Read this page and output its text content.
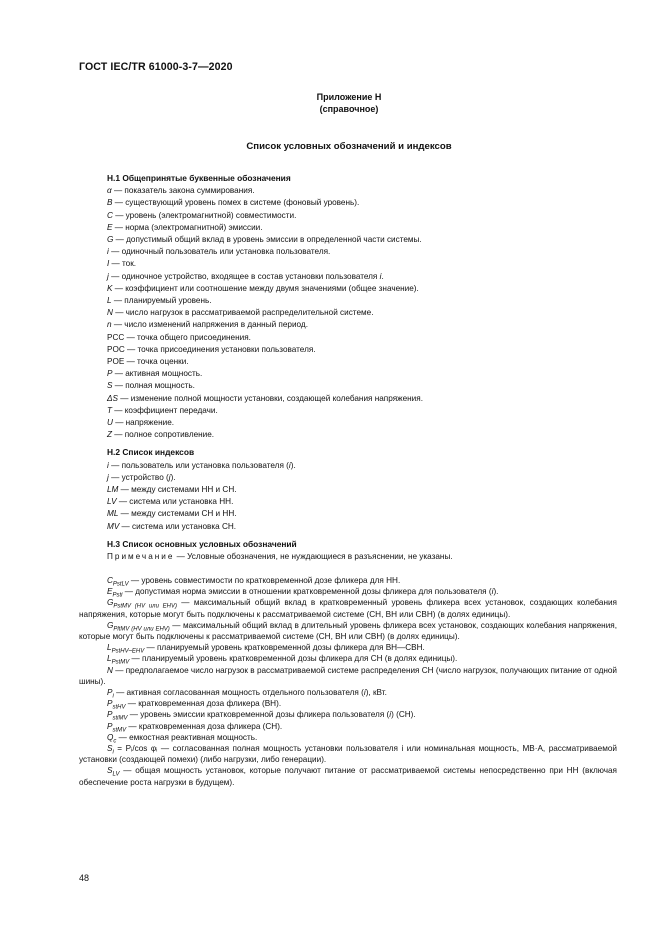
ГОСТ IEC/TR 61000-3-7—2020
Приложение H
(справочное)
Список условных обозначений и индексов
H.1 Общепринятые буквенные обозначения
α — показатель закона суммирования.
B — существующий уровень помех в системе (фоновый уровень).
C — уровень (электромагнитной) совместимости.
E — норма (электромагнитной) эмиссии.
G — допустимый общий вклад в уровень эмиссии в определенной части системы.
i — одиночный пользователь или установка пользователя.
I — ток.
j — одиночное устройство, входящее в состав установки пользователя i.
K — коэффициент или соотношение между двумя значениями (общее значение).
L — планируемый уровень.
N — число нагрузок в рассматриваемой распределительной системе.
n — число изменений напряжения в данный период.
PCC — точка общего присоединения.
POC — точка присоединения установки пользователя.
POE — точка оценки.
P — активная мощность.
S — полная мощность.
ΔS — изменение полной мощности установки, создающей колебания напряжения.
T — коэффициент передачи.
U — напряжение.
Z — полное сопротивление.
H.2 Список индексов
i — пользователь или установка пользователя (i).
j — устройство (j).
LM — между системами НН и СН.
LV — система или установка НН.
ML — между системами СН и НН.
MV — система или установка СН.
H.3 Список основных условных обозначений
Примечание — Условные обозначения, не нуждающиеся в разъяснении, не указаны.
$C_{PstLV}$ — уровень совместимости по кратковременной дозе фликера для НН.
$E_{Psti}$ — допустимая норма эмиссии в отношении кратковременной дозы фликера для пользователя (i).
$G_{PstMV (HV или EHV)}$ — максимальный общий вклад в кратковременный уровень фликера всех установок, создающих колебания напряжения, которые могут быть подключены к рассматриваемой системе (СН, ВН или СВН) (в долях единицы).
$G_{PltMV (HV или EHV)}$ — максимальный общий вклад в длительный уровень фликера всех установок, создающих колебания напряжения, которые могут быть подключены к рассматриваемой системе (СН, ВН или СВН) (в долях единицы).
$L_{PstHV-EHV}$ — планируемый уровень кратковременной дозы фликера для ВН—СВН.
$L_{PstMV}$ — планируемый уровень кратковременной дозы фликера для СН (в долях единицы).
N — предполагаемое число нагрузок в рассматриваемой системе распределения СН (число нагрузок, получающих питание от одной шины).
$P_i$ — активная согласованная мощность отдельного пользователя (i), кВт.
$P_{stHV}$ — кратковременная доза фликера (ВН).
$P_{stiMV}$ — уровень эмиссии кратковременной дозы фликера пользователя (i) (СН).
$P_{stMV}$ — кратковременная доза фликера (СН).
$Q_c$ — емкостная реактивная мощность.
$S_i$ = Pᵢ/cos φᵢ — согласованная полная мощность установки пользователя i или номинальная мощность, МВ·А, рассматриваемой установки (создающей помехи) (либо нагрузки, либо генерации).
$S_{LV}$ — общая мощность установок, которые получают питание от рассматриваемой системы непосредственно при НН (включая обеспечение роста нагрузки в будущем).
48
